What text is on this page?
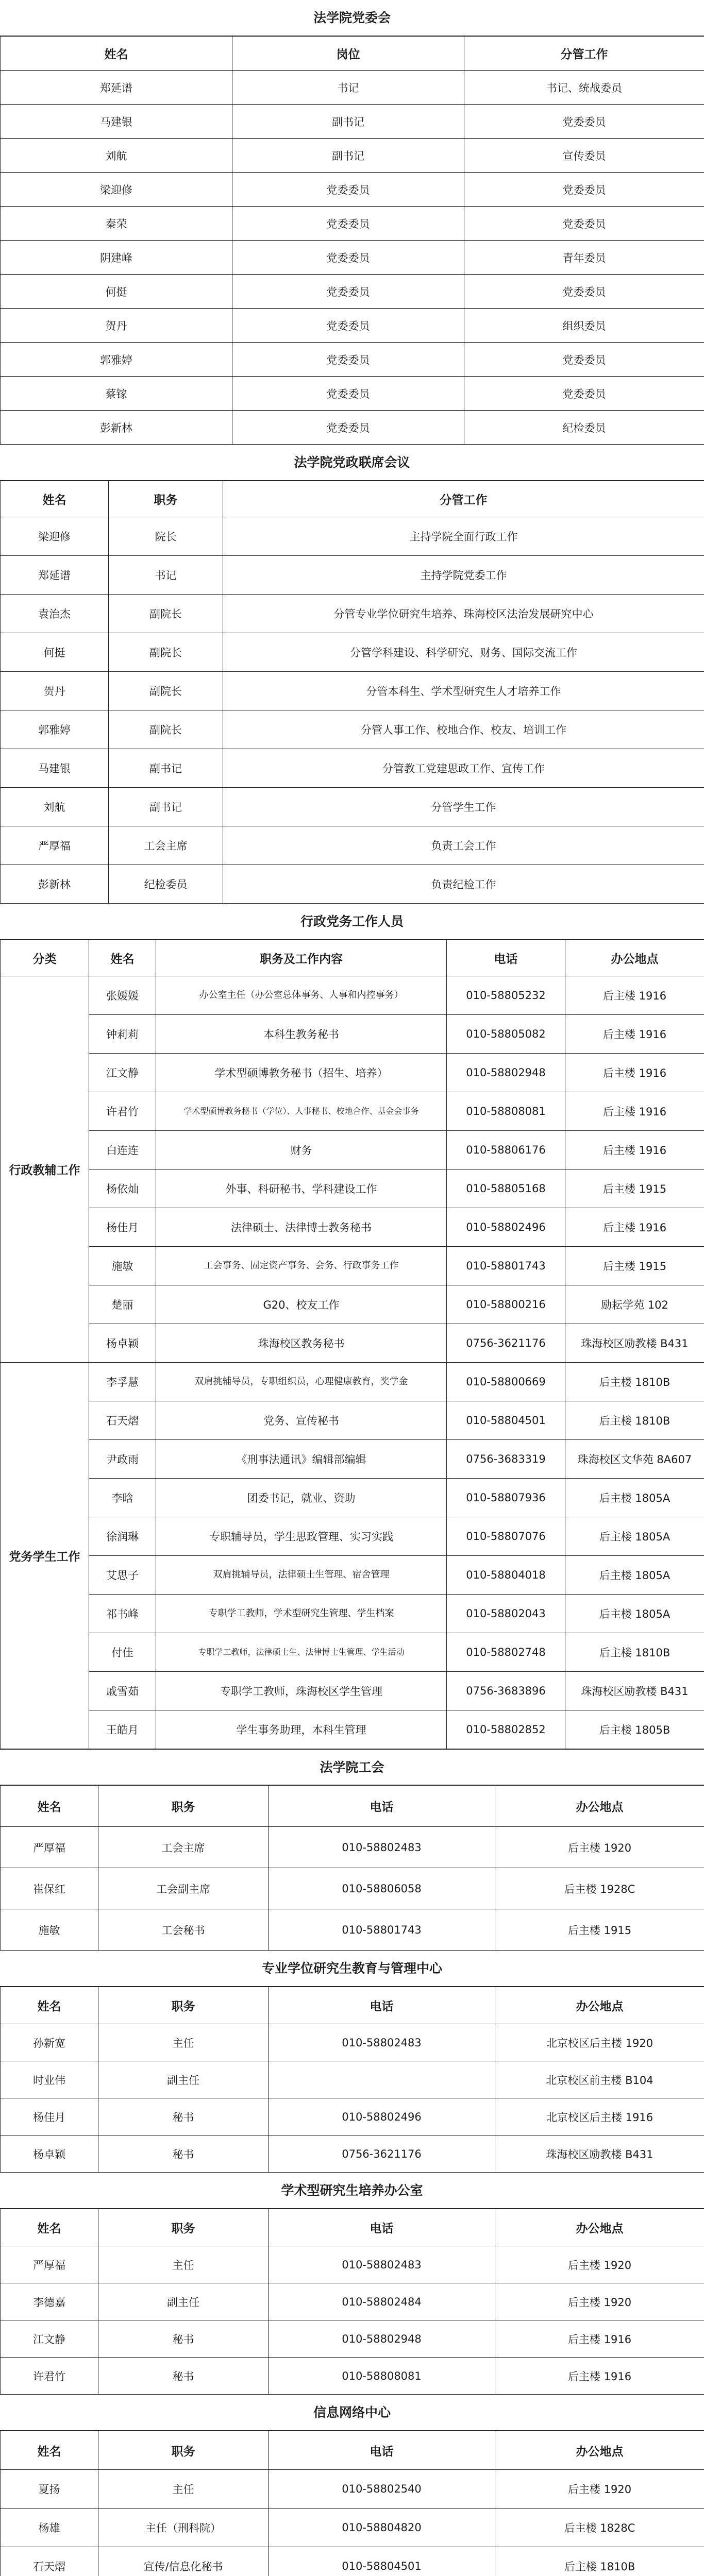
法学院党委会
姓名	岗位	分管工作
郑延谱	书记	书记、统战委员
马建银	副书记	党委委员
刘航	副书记	宣传委员
梁迎修	党委委员	党委委员
秦荣	党委委员	党委委员
阴建峰	党委委员	青年委员
何挺	党委委员	党委委员
贺丹	党委委员	组织委员
郭雅婷	党委委员	党委委员
蔡镓	党委委员	党委委员
彭新林	党委委员	纪检委员
法学院党政联席会议
姓名	职务	分管工作
梁迎修	院长	主持学院全面行政工作
郑延谱	书记	主持学院党委工作
袁治杰	副院长	分管专业学位研究生培养、珠海校区法治发展研究中心
何挺	副院长	分管学科建设、科学研究、财务、国际交流工作
贺丹	副院长	分管本科生、学术型研究生人才培养工作
郭雅婷	副院长	分管人事工作、校地合作、校友、培训工作
马建银	副书记	分管教工党建思政工作、宣传工作
刘航	副书记	分管学生工作
严厚福	工会主席	负责工会工作
彭新林	纪检委员	负责纪检工作
行政党务工作人员
分类	姓名	职务及工作内容	电话	办公地点
行政教辅工作	张媛媛	办公室主任（办公室总体事务、人事和内控事务）	010-58805232	后主楼 1916
	钟莉莉	本科生教务秘书	010-58805082	后主楼 1916
	江文静	学术型硕博教务秘书（招生、培养）	010-58802948	后主楼 1916
	许君竹	学术型硕博教务秘书（学位）、人事秘书、校地合作、基金会事务	010-58808081	后主楼 1916
	白连连	财务	010-58806176	后主楼 1916
	杨依灿	外事、科研秘书、学科建设工作	010-58805168	后主楼 1915
	杨佳月	法律硕士、法律博士教务秘书	010-58802496	后主楼 1916
	施敏	工会事务、固定资产事务、会务、行政事务工作	010-58801743	后主楼 1915
	楚丽	G20、校友工作	010-58800216	励耘学苑 102
	杨卓颖	珠海校区教务秘书	0756-3621176	珠海校区励教楼 B431
党务学生工作	李孚慧	双肩挑辅导员，专职组织员，心理健康教育，奖学金	010-58800669	后主楼 1810B
	石天熠	党务、宣传秘书	010-58804501	后主楼 1810B
	尹政雨	《刑事法通讯》编辑部编辑	0756-3683319	珠海校区文华苑 8A607
	李晗	团委书记，就业、资助	010-58807936	后主楼 1805A
	徐润琳	专职辅导员，学生思政管理、实习实践	010-58807076	后主楼 1805A
	艾思子	双肩挑辅导员，法律硕士生管理、宿舍管理	010-58804018	后主楼 1805A
	祁书峰	专职学工教师，学术型研究生管理、学生档案	010-58802043	后主楼 1805A
	付佳	专职学工教师，法律硕士生、法律博士生管理、学生活动	010-58802748	后主楼 1810B
	戚雪茹	专职学工教师，珠海校区学生管理	0756-3683896	珠海校区励教楼 B431
	王皓月	学生事务助理，本科生管理	010-58802852	后主楼 1805B
法学院工会
姓名	职务	电话	办公地点
严厚福	工会主席	010-58802483	后主楼 1920
崔保红	工会副主席	010-58806058	后主楼 1928C
施敏	工会秘书	010-58801743	后主楼 1915
专业学位研究生教育与管理中心
姓名	职务	电话	办公地点
孙新宽	主任	010-58802483	北京校区后主楼 1920
时业伟	副主任		北京校区前主楼 B104
杨佳月	秘书	010-58802496	北京校区后主楼 1916
杨卓颖	秘书	0756-3621176	珠海校区励教楼 B431
学术型研究生培养办公室
姓名	职务	电话	办公地点
严厚福	主任	010-58802483	后主楼 1920
李德嘉	副主任	010-58802484	后主楼 1920
江文静	秘书	010-58802948	后主楼 1916
许君竹	秘书	010-58808081	后主楼 1916
信息网络中心
姓名	职务	电话	办公地点
夏扬	主任	010-58802540	后主楼 1920
杨雄	主任（刑科院）	010-58804820	后主楼 1828C
石天熠	宣传/信息化秘书	010-58804501	后主楼 1810B
